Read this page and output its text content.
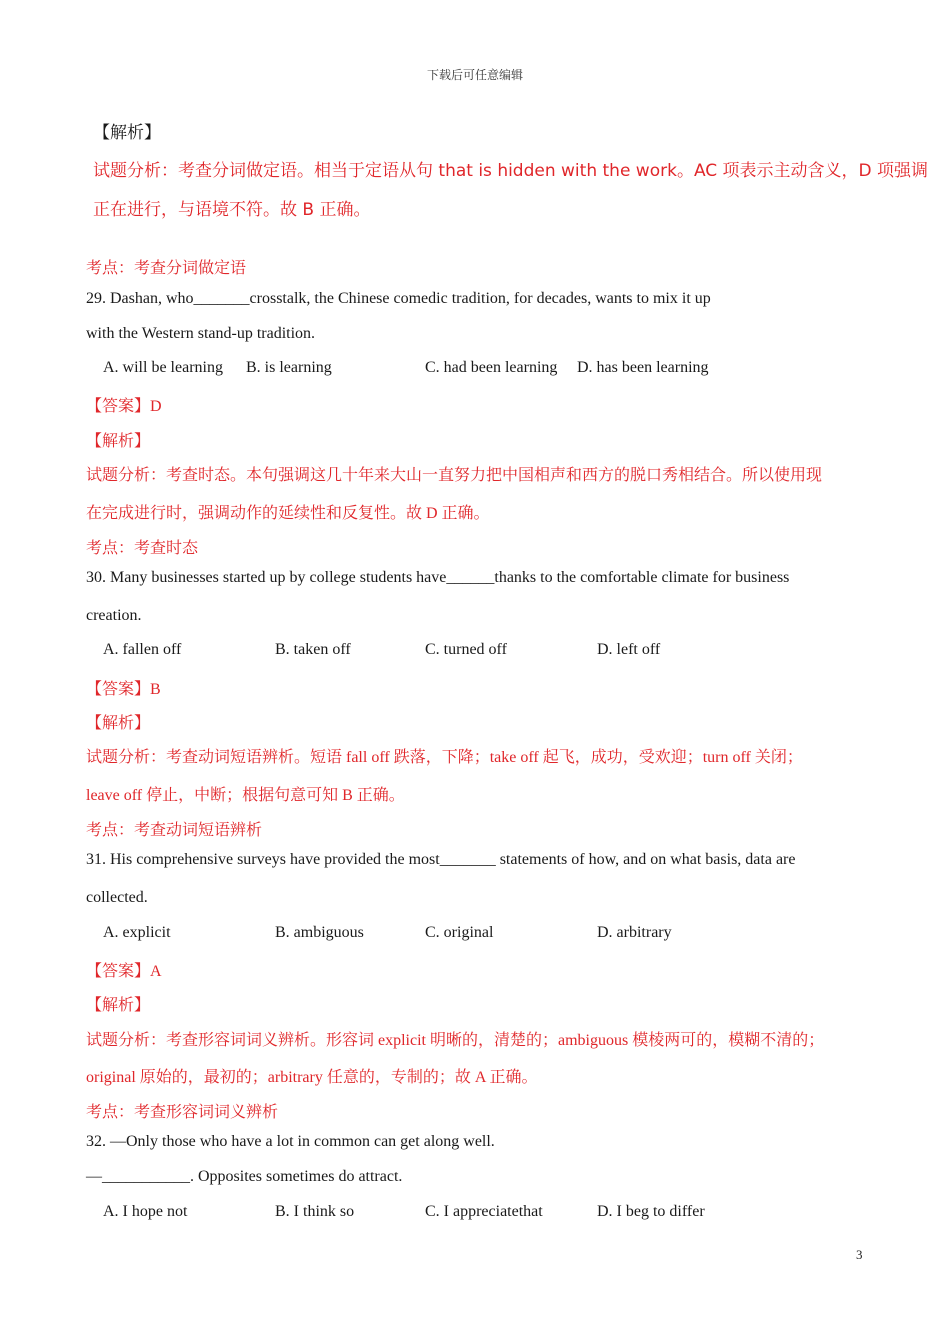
下载后可任意编辑
【解析】
试题分析：考查分词做定语。相当于定语从句 that is hidden with the work。AC 项表示主动含义，D 项强调
正在进行，与语境不符。故 B 正确。
考点：考查分词做定语
29. Dashan, who_______crosstalk, the Chinese comedic tradition, for decades, wants to mix it up
with the Western stand-up tradition.
A. will be learning B. is learning	C. had been learning D. has been learning
【答案】D
【解析】
试题分析：考查时态。本句强调这几十年来大山一直努力把中国相声和西方的脱口秀相结合。所以使用现
在完成进行时，强调动作的延续性和反复性。故 D 正确。
考点：考查时态
30. Many businesses started up by college students have______thanks to the comfortable climate for business
creation.
A. fallen off	B. taken off	C. turned off	D. left off
【答案】B
【解析】
试题分析：考查动词短语辨析。短语 fall off 跌落，下降；take off 起飞，成功，受欢迎；turn off 关闭；
leave off 停止，中断；根据句意可知 B 正确。
考点：考查动词短语辨析
31. His comprehensive surveys have provided the most_______ statements of how, and on what basis, data are
collected.
A. explicit	B. ambiguous	C. original	D. arbitrary
【答案】A
【解析】
试题分析：考查形容词词义辨析。形容词 explicit 明晰的，清楚的；ambiguous 模棱两可的，模糊不清的；
original 原始的，最初的；arbitrary 任意的，专制的；故 A 正确。
考点：考查形容词词义辨析
32. —Only those who have a lot in common can get along well.
—___________. Opposites sometimes do attract.
A. I hope not	B. I think so	C. I appreciatethat	D. I beg to differ
3
